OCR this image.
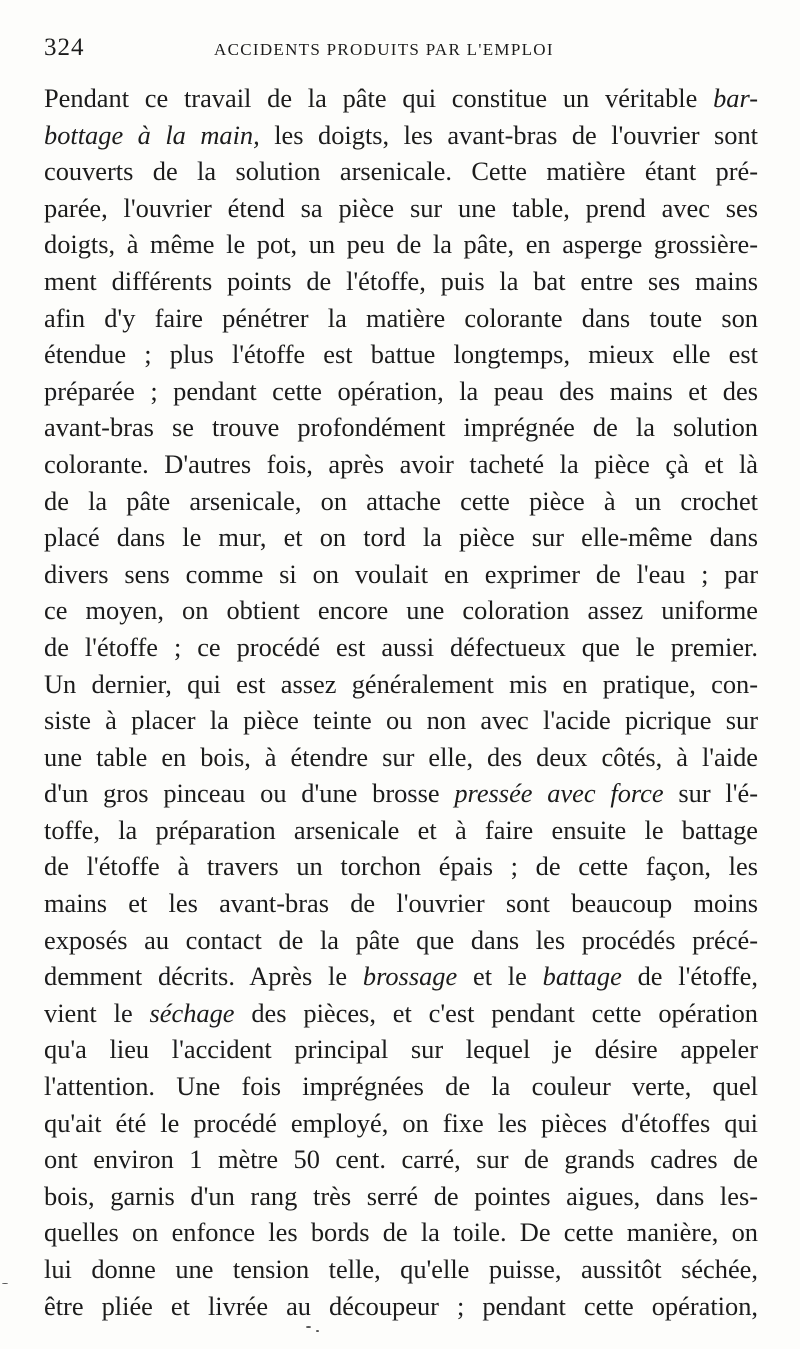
324	ACCIDENTS PRODUITS PAR L'EMPLOI
Pendant ce travail de la pâte qui constitue un véritable bar-
bottage à la main, les doigts, les avant-bras de l'ouvrier sont
couverts de la solution arsenicale. Cette matière étant pré-
parée, l'ouvrier étend sa pièce sur une table, prend avec ses
doigts, à même le pot, un peu de la pâte, en asperge grossière-
ment différents points de l'étoffe, puis la bat entre ses mains
afin d'y faire pénétrer la matière colorante dans toute son
étendue ; plus l'étoffe est battue longtemps, mieux elle est
préparée ; pendant cette opération, la peau des mains et des
avant-bras se trouve profondément imprégnée de la solution
colorante. D'autres fois, après avoir tacheté la pièce çà et là
de la pâte arsenicale, on attache cette pièce à un crochet
placé dans le mur, et on tord la pièce sur elle-même dans
divers sens comme si on voulait en exprimer de l'eau ; par
ce moyen, on obtient encore une coloration assez uniforme
de l'étoffe ; ce procédé est aussi défectueux que le premier.
Un dernier, qui est assez généralement mis en pratique, con-
siste à placer la pièce teinte ou non avec l'acide picrique sur
une table en bois, à étendre sur elle, des deux côtés, à l'aide
d'un gros pinceau ou d'une brosse pressée avec force sur l'é-
toffe, la préparation arsenicale et à faire ensuite le battage
de l'étoffe à travers un torchon épais ; de cette façon, les
mains et les avant-bras de l'ouvrier sont beaucoup moins
exposés au contact de la pâte que dans les procédés précé-
demment décrits. Après le brossage et le battage de l'étoffe,
vient le séchage des pièces, et c'est pendant cette opération
qu'a lieu l'accident principal sur lequel je désire appeler
l'attention. Une fois imprégnées de la couleur verte, quel
qu'ait été le procédé employé, on fixe les pièces d'étoffes qui
ont environ 1 mètre 50 cent. carré, sur de grands cadres de
bois, garnis d'un rang très serré de pointes aigues, dans les-
quelles on enfonce les bords de la toile. De cette manière, on
lui donne une tension telle, qu'elle puisse, aussitôt séchée,
être pliée et livrée au découpeur ; pendant cette opération,
